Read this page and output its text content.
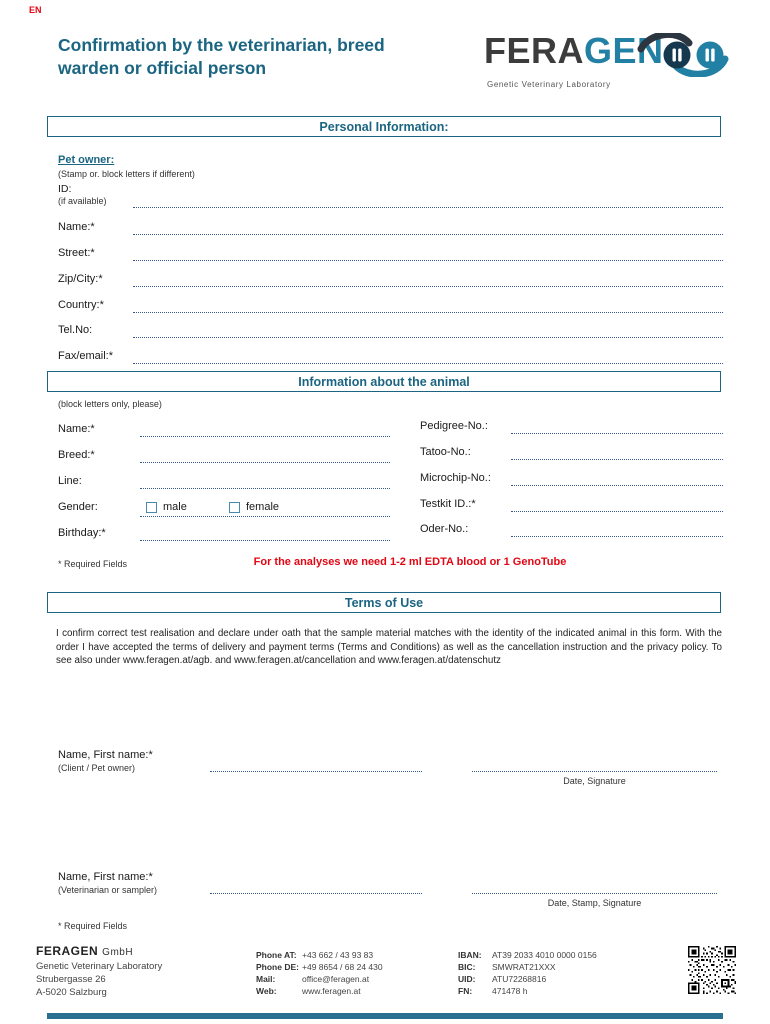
EN
Confirmation by the veterinarian, breed
warden or official person	FERAGEN
Genetic Veterinary Laboratory
Personal Information:
Pet owner:
(Stamp or. block letters if different)
ID:
(if available)
Name:*
Street:*
Zip/City:*
Country:*
Tel.No:
Fax/email:*
Information about the animal
(block letters only, please)
Name:*
Breed:*
Line:
Gender:	male	female
Birthday:*
Pedigree-No.:
Tatoo-No.:
Microchip-No.:
Testkit ID.:*
Oder-No.:
* Required Fields	For the analyses we need 1-2 ml EDTA blood or 1 GenoTube
Terms of Use
I confirm correct test realisation and declare under oath that the sample material matches with the identity of the indicated animal in this form. With the order I have accepted the terms of delivery and payment terms (Terms and Conditions) as well as the cancellation instruction and the privacy policy. To see also under www.feragen.at/agb. and www.feragen.at/cancellation and www.feragen.at/datenschutz
Name, First name:*
(Client / Pet owner)
Date, Signature
Name, First name:*
(Veterinarian or sampler)
Date, Stamp, Signature
* Required Fields
FERAGEN GmbH
Genetic Veterinary Laboratory
Strubergasse 26
A-5020 Salzburg
Phone AT: +43 662 / 43 93 83
Phone DE: +49 8654 / 68 24 430
Mail:	office@feragen.at
Web:	www.feragen.at
IBAN: AT39 2033 4010 0000 0156
BIC: SMWRAT21XXX
UID: ATU72268816
FN: 471478 h
